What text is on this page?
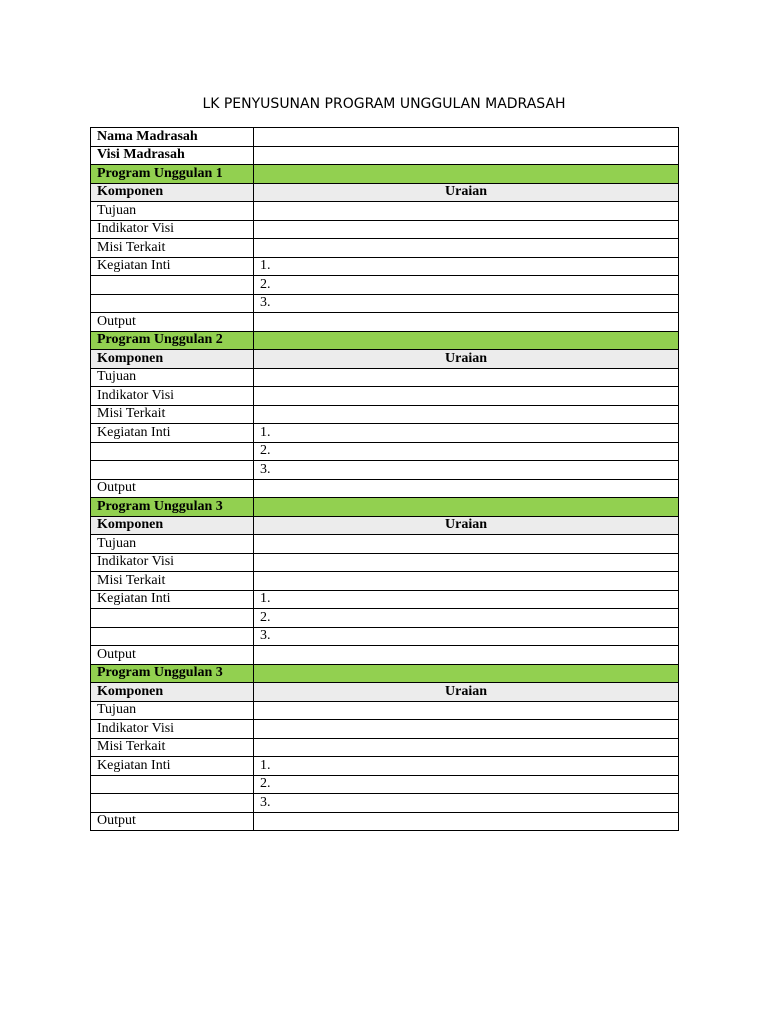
LK PENYUSUNAN PROGRAM UNGGULAN MADRASAH
Nama Madrasah	
Visi Madrasah	
Program Unggulan 1	
Komponen	Uraian
Tujuan	
Indikator Visi	
Misi Terkait	
Kegiatan Inti	1.
	2.
	3.
Output	
Program Unggulan 2	
Komponen	Uraian
Tujuan	
Indikator Visi	
Misi Terkait	
Kegiatan Inti	1.
	2.
	3.
Output	
Program Unggulan 3	
Komponen	Uraian
Tujuan	
Indikator Visi	
Misi Terkait	
Kegiatan Inti	1.
	2.
	3.
Output	
Program Unggulan 3	
Komponen	Uraian
Tujuan	
Indikator Visi	
Misi Terkait	
Kegiatan Inti	1.
	2.
	3.
Output	
